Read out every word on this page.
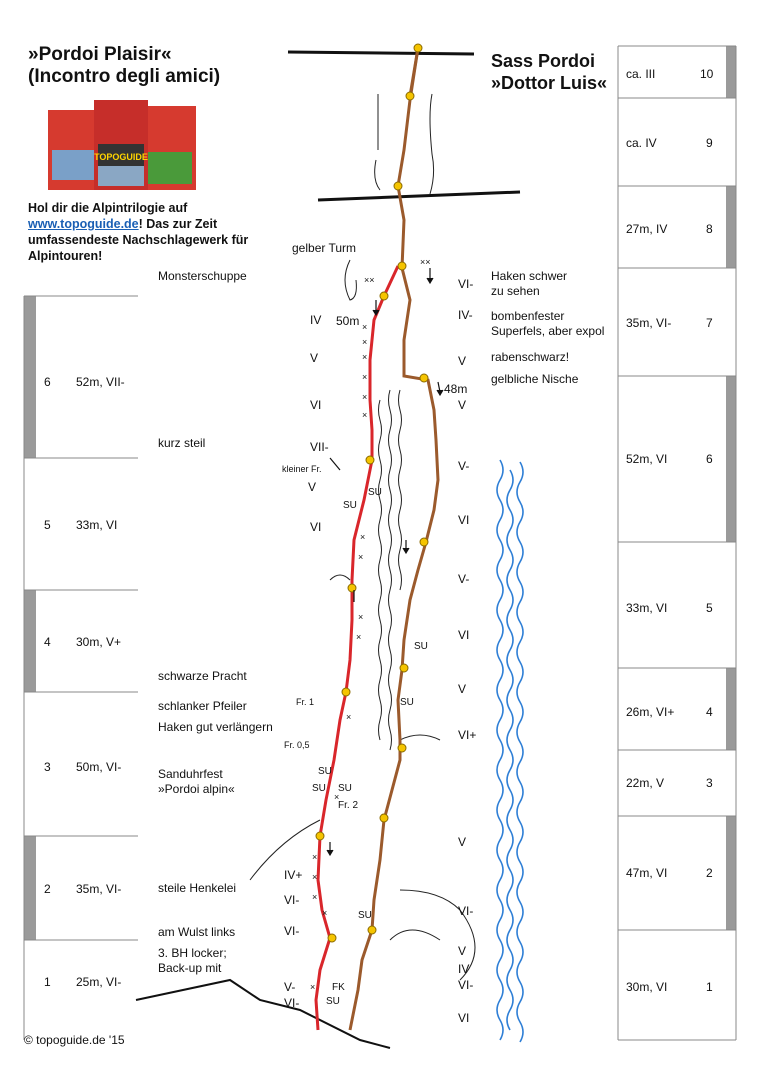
»Pordoi Plaisir«
(Incontro degli amici)
Sass Pordoi
»Dottor Luis«
TOPOGUIDE
Hol dir die Alpintrilogie auf www.topoguide.de! Das zur Zeit umfassendeste Nachschlagewerk für Alpintouren!
6 52m, VII-
5 33m, VI
4 30m, V+
3 50m, VI-
2 35m, VI-
1 25m, VI-
ca. III	10
ca. IV	9
27m, IV	8
35m, VI-	7
52m, VI	6
33m, VI	5
26m, VI+	4
22m, V	3
47m, VI	2
30m, VI	1
×
×
×
×
×
×
×
×
×
×
×
×
×
×
×
×
×
××
××
gelber Turm
50m
48m
kleiner Fr.
Fr. 1
Fr. 0,5
Fr. 2
SU
SU
SU
SU
SU
SU SU
SU
SU
FK
Monsterschuppe
kurz steil
schwarze Pracht
schlanker Pfeiler
Haken gut verlängern
Sanduhrfest
»Pordoi alpin«
steile Henkelei
am Wulst links
3. BH locker;
Back-up mit
Haken schwer
zu sehen
bombenfester
Superfels, aber expol
rabenschwarz!
gelbliche Nische
IV
V
VI
VII-
V
VI
IV+
VI-
VI-
V-
VI-
VI-
IV-
V
V
V-
VI
V-
VI
V
VI+
V
VI-
V
IV
VI-
VI
© topoguide.de '15
